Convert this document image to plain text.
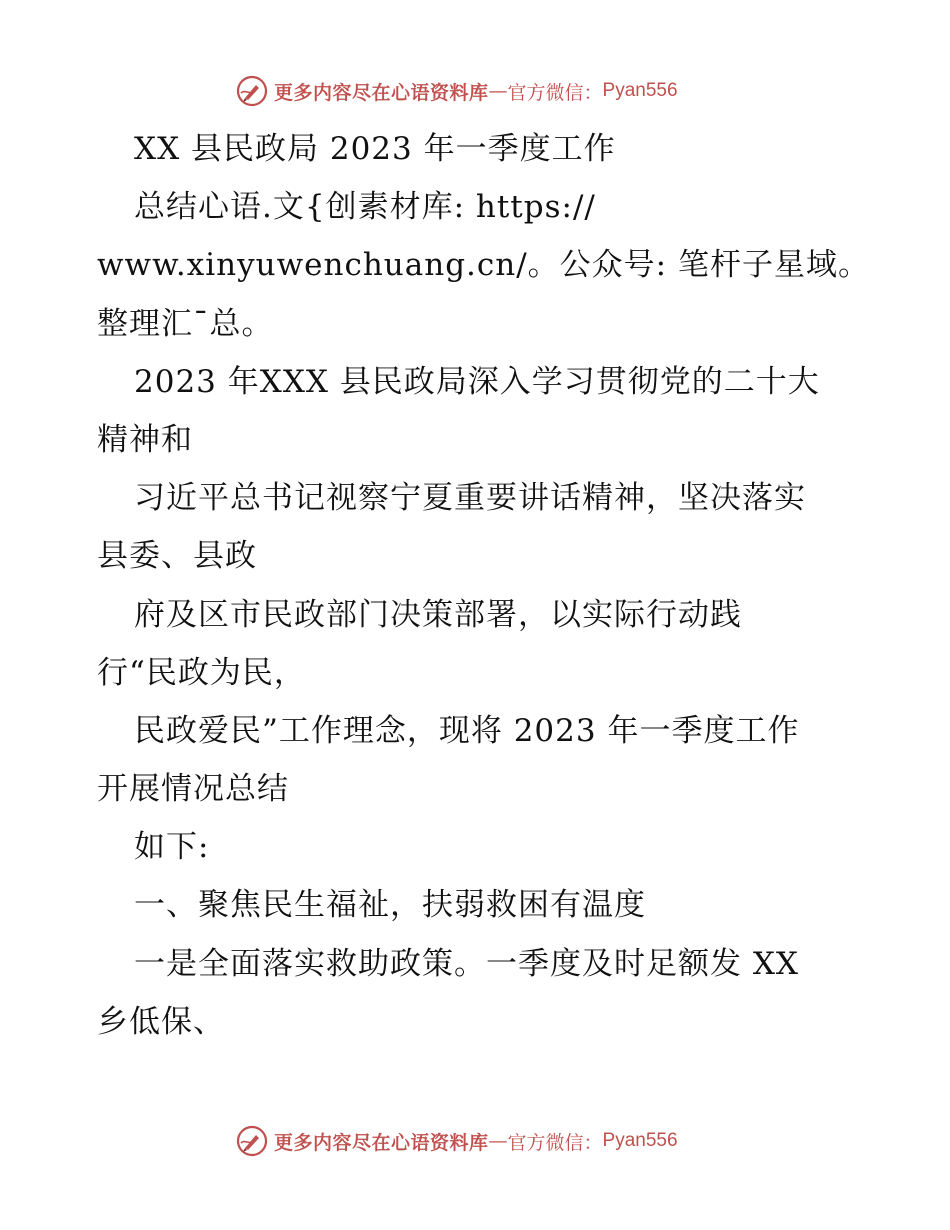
更多内容尽在心语资料库 — 官方微信： Pyan556
XX 县民政局 2023 年一季度工作
总结心语.文{创素材库: https://
www.xinyuwenchuang.cn/。公众号: 笔杆子星域。
整理汇¯总。
2023 年XXX 县民政局深入学习贯彻党的二十大
精神和
习近平总书记视察宁夏重要讲话精神，坚决落实
县委、县政
府及区市民政部门决策部署，以实际行动践
行“民政为民，
民政爱民”工作理念，现将 2023 年一季度工作
开展情况总结
如下:
一、聚焦民生福祉，扶弱救困有温度
一是全面落实救助政策。一季度及时足额发 XX
乡低保、
更多内容尽在心语资料库 — 官方微信： Pyan556
